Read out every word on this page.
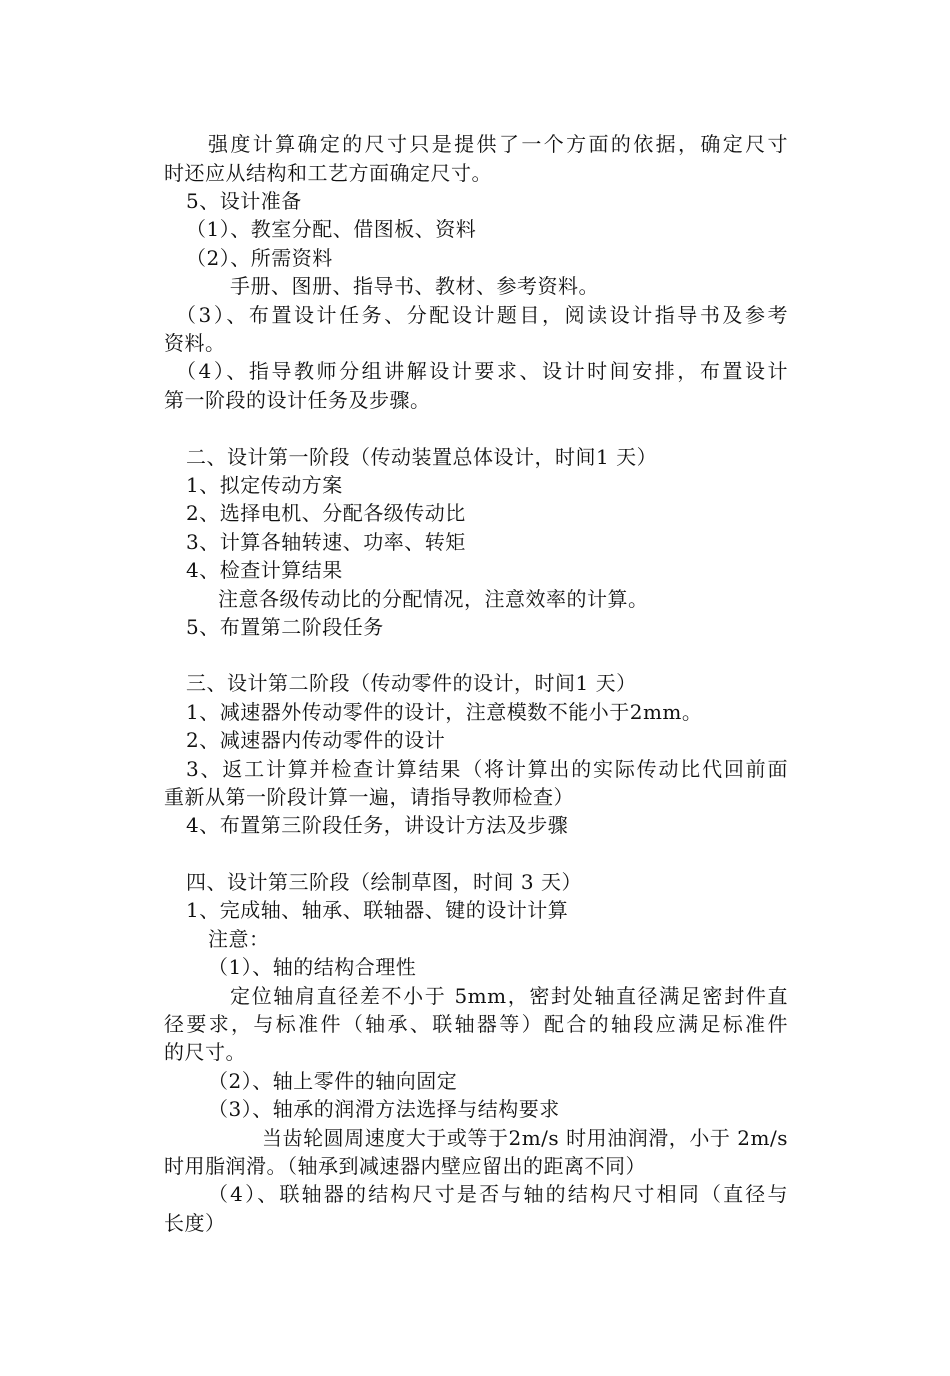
强度计算确定的尺寸只是提供了一个方面的依据，确定尺寸
时还应从结构和工艺方面确定尺寸。
5、设计准备
（1）、教室分配、借图板、资料
（2）、所需资料
手册、图册、指导书、教材、参考资料。
（3）、布置设计任务、分配设计题目，阅读设计指导书及参考
资料。
（4）、指导教师分组讲解设计要求、设计时间安排，布置设计
第一阶段的设计任务及步骤。
二、设计第一阶段（传动装置总体设计，时间1 天）
1、拟定传动方案
2、选择电机、分配各级传动比
3、计算各轴转速、功率、转矩
4、检查计算结果
注意各级传动比的分配情况，注意效率的计算。
5、布置第二阶段任务
三、设计第二阶段（传动零件的设计，时间1 天）
1、减速器外传动零件的设计，注意模数不能小于2mm。
2、减速器内传动零件的设计
3、返工计算并检查计算结果（将计算出的实际传动比代回前面
重新从第一阶段计算一遍，请指导教师检查）
4、布置第三阶段任务，讲设计方法及步骤
四、设计第三阶段（绘制草图，时间 3 天）
1、完成轴、轴承、联轴器、键的设计计算
注意：
（1）、轴的结构合理性
定位轴肩直径差不小于 5mm，密封处轴直径满足密封件直
径要求，与标准件（轴承、联轴器等）配合的轴段应满足标准件
的尺寸。
（2）、轴上零件的轴向固定
（3）、轴承的润滑方法选择与结构要求
当齿轮圆周速度大于或等于2m/s 时用油润滑，小于 2m/s
时用脂润滑。（轴承到减速器内壁应留出的距离不同）
（4）、联轴器的结构尺寸是否与轴的结构尺寸相同（直径与
长度）
